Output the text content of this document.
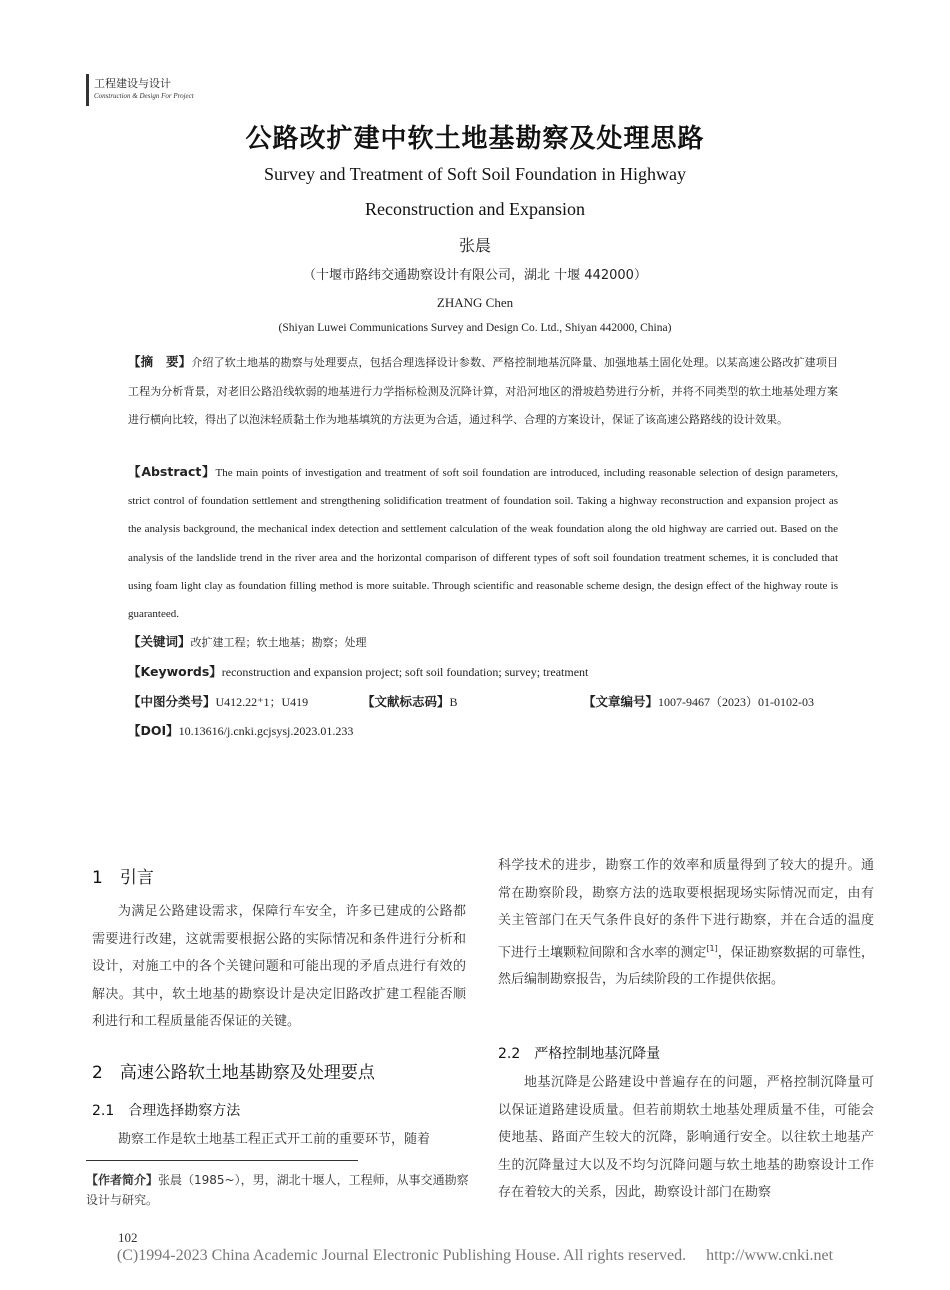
工程建设与设计
Construction & Design For Project
公路改扩建中软土地基勘察及处理思路
Survey and Treatment of Soft Soil Foundation in Highway
Reconstruction and Expansion
张晨
（十堰市路纬交通勘察设计有限公司，湖北 十堰 442000）
ZHANG Chen
(Shiyan Luwei Communications Survey and Design Co. Ltd., Shiyan 442000, China)
【摘　要】介绍了软土地基的勘察与处理要点，包括合理选择设计参数、严格控制地基沉降量、加强地基土固化处理。以某高速公路改扩建项目工程为分析背景，对老旧公路沿线软弱的地基进行力学指标检测及沉降计算，对沿河地区的滑坡趋势进行分析，并将不同类型的软土地基处理方案进行横向比较，得出了以泡沫轻质黏土作为地基填筑的方法更为合适，通过科学、合理的方案设计，保证了该高速公路路线的设计效果。
【Abstract】The main points of investigation and treatment of soft soil foundation are introduced, including reasonable selection of design parameters, strict control of foundation settlement and strengthening solidification treatment of foundation soil. Taking a highway reconstruction and expansion project as the analysis background, the mechanical index detection and settlement calculation of the weak foundation along the old highway are carried out. Based on the analysis of the landslide trend in the river area and the horizontal comparison of different types of soft soil foundation treatment schemes, it is concluded that using foam light clay as foundation filling method is more suitable. Through scientific and reasonable scheme design, the design effect of the highway route is guaranteed.
【关键词】改扩建工程；软土地基；勘察；处理
【Keywords】reconstruction and expansion project; soft soil foundation; survey; treatment
【中图分类号】U412.22⁺1；U419	【文献标志码】B	【文章编号】1007-9467（2023）01-0102-03
【DOI】10.13616/j.cnki.gcjsysj.2023.01.233
1　引言
为满足公路建设需求，保障行车安全，许多已建成的公路都需要进行改建，这就需要根据公路的实际情况和条件进行分析和设计，对施工中的各个关键问题和可能出现的矛盾点进行有效的解决。其中，软土地基的勘察设计是决定旧路改扩建工程能否顺利进行和工程质量能否保证的关键。
2　高速公路软土地基勘察及处理要点
2.1　合理选择勘察方法
勘察工作是软土地基工程正式开工前的重要环节，随着
【作者简介】张晨（1985~），男，湖北十堰人，工程师，从事交通勘察设计与研究。
科学技术的进步，勘察工作的效率和质量得到了较大的提升。通常在勘察阶段，勘察方法的选取要根据现场实际情况而定，由有关主管部门在天气条件良好的条件下进行勘察，并在合适的温度下进行土壤颗粒间隙和含水率的测定[1]，保证勘察数据的可靠性，然后编制勘察报告，为后续阶段的工作提供依据。
2.2　严格控制地基沉降量
地基沉降是公路建设中普遍存在的问题，严格控制沉降量可以保证道路建设质量。但若前期软土地基处理质量不佳，可能会使地基、路面产生较大的沉降，影响通行安全。以往软土地基产生的沉降量过大以及不均匀沉降问题与软土地基的勘察设计工作存在着较大的关系，因此，勘察设计部门在勘察
102
(C)1994-2023 China Academic Journal Electronic Publishing House. All rights reserved.　 http://www.cnki.net
